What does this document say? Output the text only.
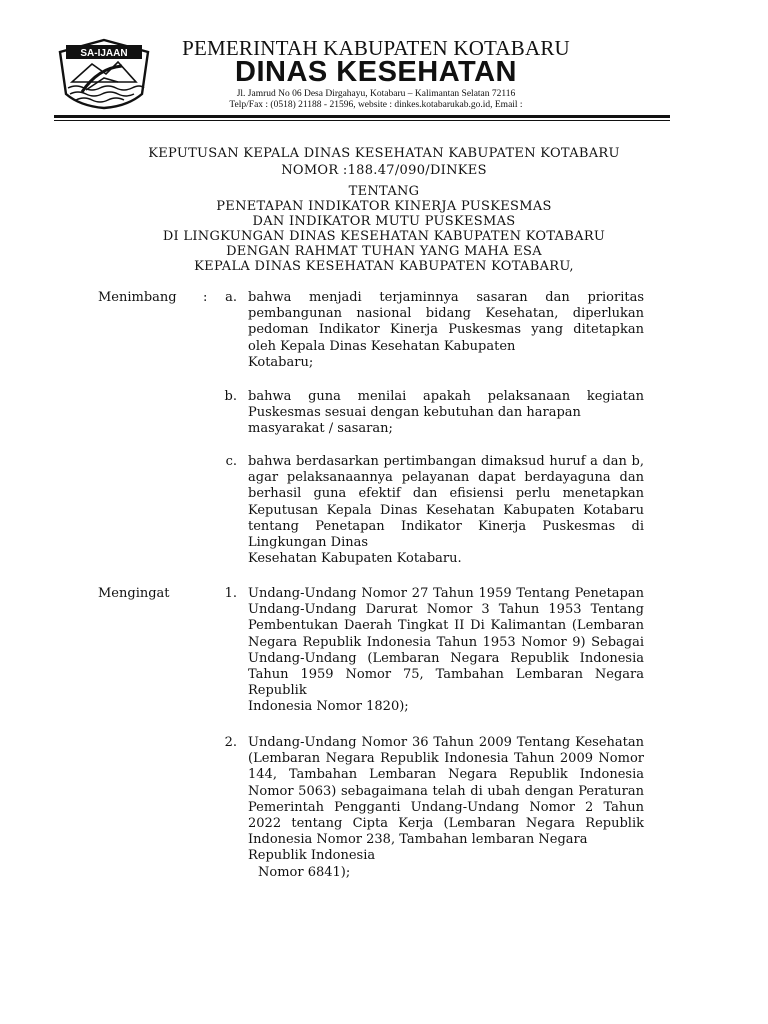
SA-IJAAN	PEMERINTAH KABUPATEN KOTABARU
DINAS KESEHATAN
Jl. Jamrud No 06 Desa Dirgahayu, Kotabaru – Kalimantan Selatan 72116
Telp/Fax : (0518) 21188 - 21596, website : dinkes.kotabarukab.go.id, Email :
KEPUTUSAN KEPALA DINAS KESEHATAN KABUPATEN KOTABARU
NOMOR :188.47/090/DINKES
TENTANG
PENETAPAN INDIKATOR KINERJA PUSKESMAS
DAN INDIKATOR MUTU PUSKESMAS
DI LINGKUNGAN DINAS KESEHATAN KABUPATEN KOTABARU
DENGAN RAHMAT TUHAN YANG MAHA ESA
KEPALA DINAS KESEHATAN KABUPATEN KOTABARU,
Menimbang :	a. bahwa menjadi terjaminnya sasaran dan prioritas pembangunan nasional bidang Kesehatan, diperlukan pedoman Indikator Kinerja Puskesmas yang ditetapkan oleh Kepala Dinas Kesehatan Kabupaten
Kotabaru;

b. bahwa guna menilai apakah pelaksanaan kegiatan Puskesmas sesuai dengan kebutuhan dan harapan
masyarakat / sasaran;

c. bahwa berdasarkan pertimbangan dimaksud huruf a dan b, agar pelaksanaannya pelayanan dapat berdayaguna dan berhasil guna efektif dan efisiensi perlu menetapkan Keputusan Kepala Dinas Kesehatan Kabupaten Kotabaru tentang Penetapan Indikator Kinerja Puskesmas di Lingkungan Dinas
Kesehatan Kabupaten Kotabaru.

Mengingat	1. Undang-Undang Nomor 27 Tahun 1959 Tentang Penetapan Undang-Undang Darurat Nomor 3 Tahun 1953 Tentang Pembentukan Daerah Tingkat II Di Kalimantan (Lembaran Negara Republik Indonesia Tahun 1953 Nomor 9) Sebagai Undang-Undang (Lembaran Negara Republik Indonesia Tahun 1959 Nomor 75, Tambahan Lembaran Negara Republik
Indonesia Nomor 1820);

2. Undang-Undang Nomor 36 Tahun 2009 Tentang Kesehatan (Lembaran Negara Republik Indonesia Tahun 2009 Nomor 144, Tambahan Lembaran Negara Republik Indonesia Nomor 5063) sebagaimana telah di ubah dengan Peraturan Pemerintah Pengganti Undang-Undang Nomor 2 Tahun 2022 tentang Cipta Kerja (Lembaran Negara Republik Indonesia Nomor 238, Tambahan lembaran Negara
Republik Indonesia
Nomor 6841);
